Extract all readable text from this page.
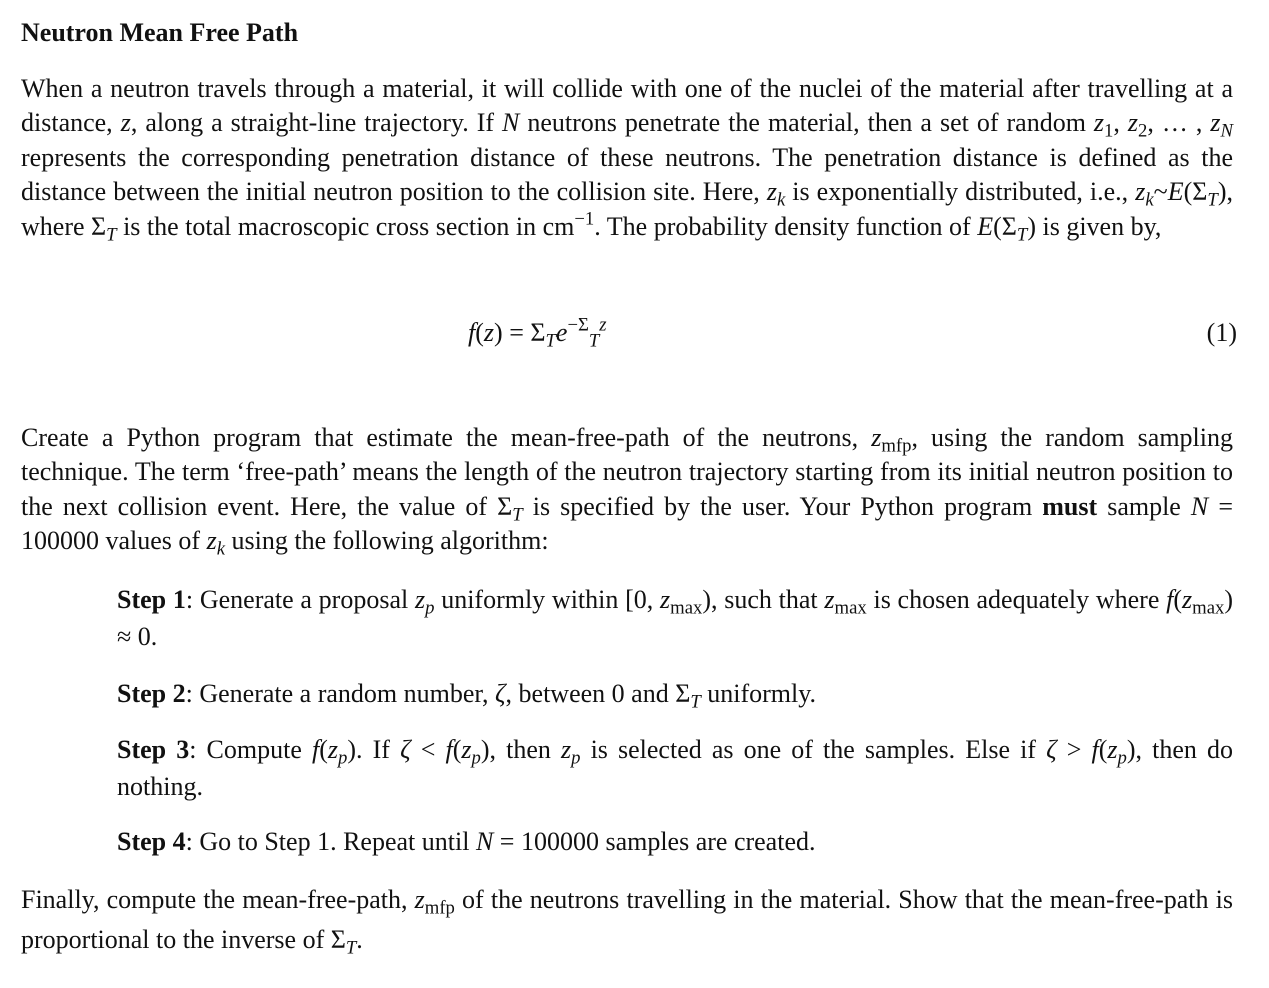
Neutron Mean Free Path
When a neutron travels through a material, it will collide with one of the nuclei of the material after travelling at a distance, z, along a straight-line trajectory. If N neutrons penetrate the material, then a set of random $z_1$, $z_2$, … , $z_N$ represents the corresponding penetration distance of these neutrons. The penetration distance is defined as the distance between the initial neutron position to the collision site. Here, $z_k$ is exponentially distributed, i.e., $z_k\sim E(\Sigma_T)$, where $\Sigma_T$ is the total macroscopic cross section in $cm^{-1}$. The probability density function of $E(\Sigma_T)$ is given by,
$f(z) = \Sigma_Te^{-\Sigma}_T^z$	(1)
Create a Python program that estimate the mean-free-path of the neutrons, $z_{mfp}$, using the random sampling technique. The term ‘free-path’ means the length of the neutron trajectory starting from its initial neutron position to the next collision event. Here, the value of $\Sigma_T$ is specified by the user. Your Python program must sample N = 100000 values of $z_k$ using the following algorithm:
Step 1: Generate a proposal $z_p$ uniformly within [0, $z_{max}$), such that $z_{max}$ is chosen adequately where $f(z_{max}) \approx 0$.
Step 2: Generate a random number, ζ, between 0 and $\Sigma_T$ uniformly.
Step 3: Compute $f(z_p)$. If $\zeta < f(z_p)$, then $z_p$ is selected as one of the samples. Else if $\zeta > f(z_p)$, then do nothing.
Step 4: Go to Step 1. Repeat until N = 100000 samples are created.
Finally, compute the mean-free-path, $z_{mfp}$ of the neutrons travelling in the material. Show that the mean-free-path is proportional to the inverse of $\Sigma_T$.
